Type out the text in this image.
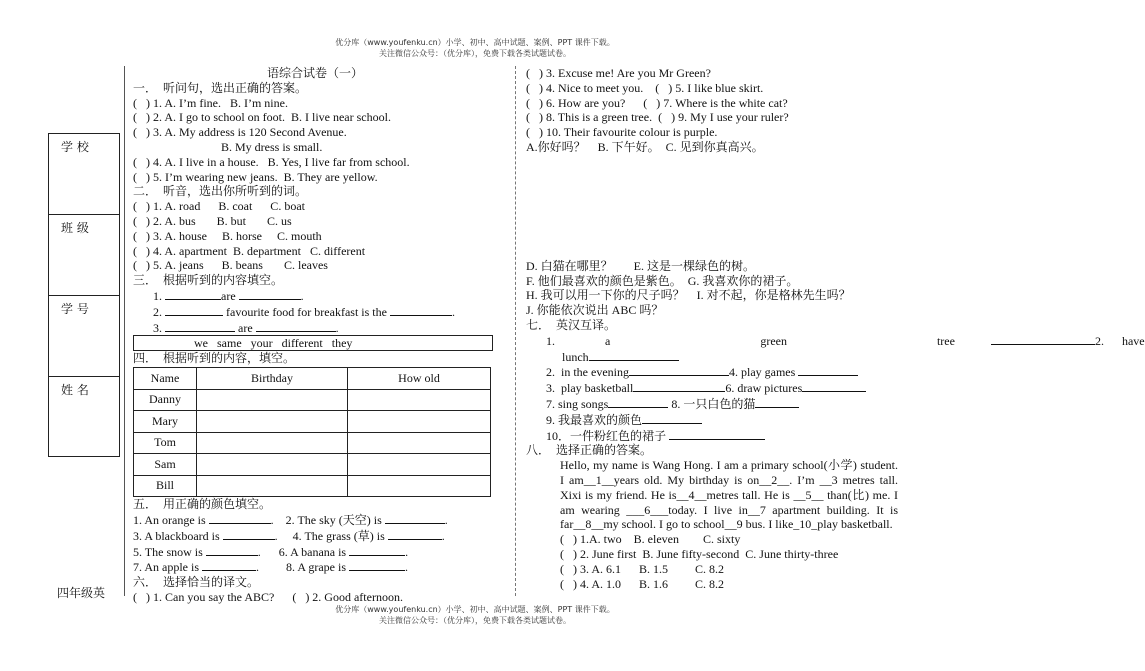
优分库（www.youfenku.cn）小学、初中、高中试题、案例、PPT 课件下载。
关注微信公众号：（优分库），免费下载各类试题试卷。
学 校
班 级
学 号
姓 名
四年级英
语综合试卷（一）
一．  听问句，选出正确的答案。
(   ) 1. A. I’m fine.   B. I’m nine.
(   ) 2. A. I go to school on foot.  B. I live near school.
(   ) 3. A. My address is 120 Second Avenue.
B. My dress is small.
(   ) 4. A. I live in a house.   B. Yes, I live far from school.
(   ) 5. I’m wearing new jeans.  B. They are yellow.
二．  听音，选出你所听到的词。
(   ) 1. A. road      B. coat      C. boat
(   ) 2. A. bus       B. but       C. us
(   ) 3. A. house     B. horse     C. mouth
(   ) 4. A. apartment  B. department   C. different
(   ) 5. A. jeans      B. beans       C. leaves
三．  根据听到的内容填空。
1.	are	.
2.	favourite food for breakfast is the	.
3.	are	.
we same your different they
四．  根据听到的内容，填空。
Name	Birthday	How old
Danny		
Mary		
Tom		
Sam		
Bill		
五．  用正确的颜色填空。
1. An orange is	.    2. The sky (天空) is	.
3. A blackboard is	.     4. The grass (草) is	.
5. The snow is	.      6. A banana is	.
7. An apple is	.         8. A grape is	.
六．  选择恰当的译文。
(   ) 1. Can you say the ABC?      (   ) 2. Good afternoon.
(   ) 3. Excuse me! Are you Mr Green?
(   ) 4. Nice to meet you.    (   ) 5. I like blue skirt.
(   ) 6. How are you?      (   ) 7. Where is the white cat?
(   ) 8. This is a green tree.  (   ) 9. My I use your ruler?
(   ) 10. Their favourite colour is purple.
A.你好吗？    B. 下午好。  C. 见到你真高兴。
D. 白猫在哪里？       E. 这是一棵绿色的树。
F. 他们最喜欢的颜色是紫色。  G. 我喜欢你的裙子。
H. 我可以用一下你的尺子吗？    I. 对不起，你是格林先生吗？
J. 你能依次说出 ABC 吗？
七．  英汉互译。
1.  a      green      tree	2.      have
lunch
2.  in the evening	4. play games
3.  play basketball	6. draw pictures
7. sing songs	8. 一只白色的猫
9. 我最喜欢的颜色
10．一件粉红色的裙子
八．  选择正确的答案。
Hello, my name is Wang Hong. I am a primary school(小学) student. I am__1__years old. My birthday is on__2__. I’m __3 metres tall. Xixi is my friend. He is__4__metres tall. He is __5__ than(比) me. I am wearing ___6___today. I live in__7 apartment building. It is far__8__my school. I go to school__9 bus. I like_10_play basketball.
(   ) 1.A. two    B. eleven        C. sixty
(   ) 2. June first  B. June fifty-second  C. June thirty-three
(   ) 3. A. 6.1      B. 1.5         C. 8.2
(   ) 4. A. 1.0      B. 1.6         C. 8.2
优分库（www.youfenku.cn）小学、初中、高中试题、案例、PPT 课件下载。
关注微信公众号：（优分库），免费下载各类试题试卷。
